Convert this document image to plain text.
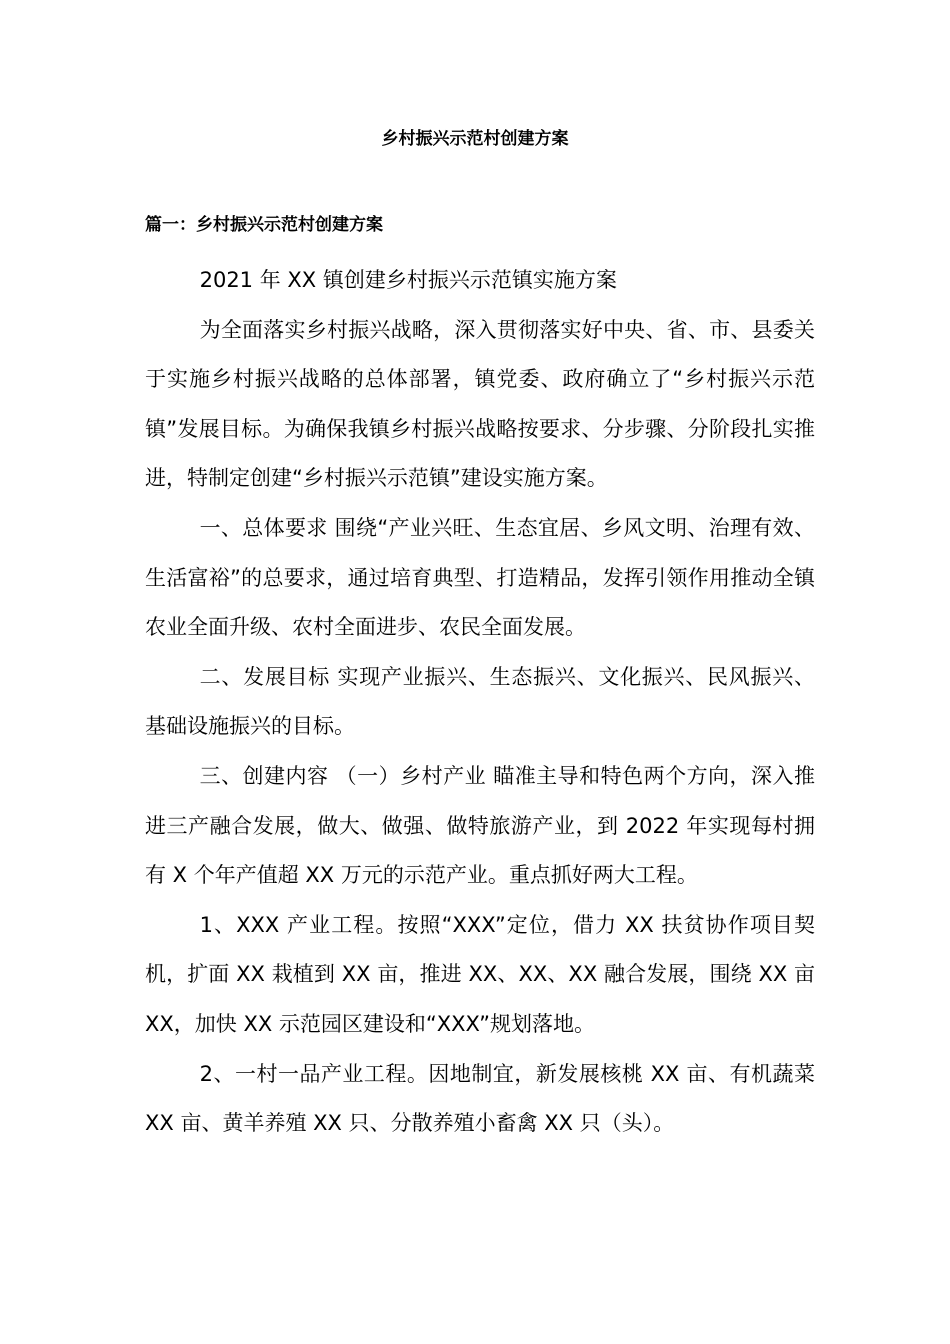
乡村振兴示范村创建方案
篇一：乡村振兴示范村创建方案

2021 年 XX 镇创建乡村振兴示范镇实施方案

为全面落实乡村振兴战略，深入贯彻落实好中央、省、市、县委关于实施乡村振兴战略的总体部署，镇党委、政府确立了“乡村振兴示范镇”发展目标。为确保我镇乡村振兴战略按要求、分步骤、分阶段扎实推进，特制定创建“乡村振兴示范镇”建设实施方案。

一、总体要求 围绕“产业兴旺、生态宜居、乡风文明、治理有效、生活富裕”的总要求，通过培育典型、打造精品，发挥引领作用推动全镇农业全面升级、农村全面进步、农民全面发展。

二、发展目标 实现产业振兴、生态振兴、文化振兴、民风振兴、基础设施振兴的目标。

三、创建内容 （一）乡村产业 瞄准主导和特色两个方向，深入推进三产融合发展，做大、做强、做特旅游产业，到 2022 年实现每村拥有 X 个年产值超 XX 万元的示范产业。重点抓好两大工程。

1、XXX 产业工程。按照“XXX”定位，借力 XX 扶贫协作项目契机，扩面 XX 栽植到 XX 亩，推进 XX、XX、XX 融合发展，围绕 XX 亩 XX，加快 XX 示范园区建设和“XXX”规划落地。

2、一村一品产业工程。因地制宜，新发展核桃 XX 亩、有机蔬菜 XX 亩、黄羊养殖 XX 只、分散养殖小畜禽 XX 只（头）。
